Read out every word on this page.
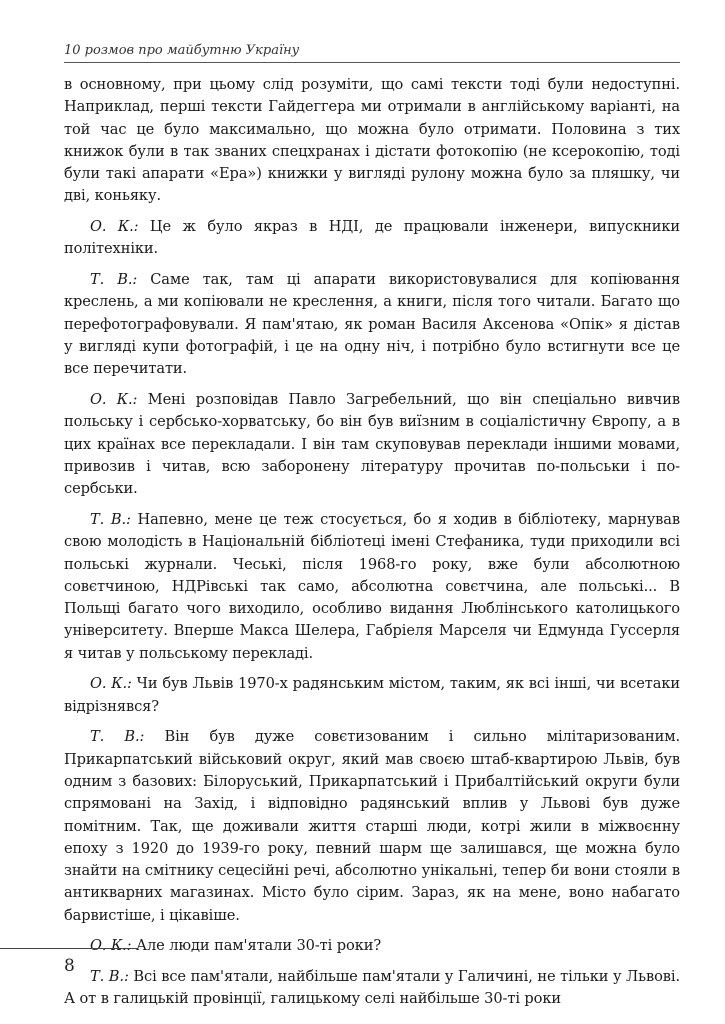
10 розмов про майбутню Україну

в основному, при цьому слід розуміти, що самі тексти тоді були недоступні. Наприклад, перші тексти Гайдеггера ми отримали в англійському варіанті, на той час це було максимально, що можна було отримати. Половина з тих книжок були в так званих спецхранах і дістати фотокопію (не ксерокопію, тоді були такі апарати «Ера») книжки у вигляді рулону можна було за пляшку, чи дві, коньяку.

О. К.: Це ж було якраз в НДІ, де працювали інженери, випускники політехніки.

Т. В.: Саме так, там ці апарати використовувалися для копіювання креслень, а ми копіювали не креслення, а книги, після того читали. Багато що перефотографовували. Я пам'ятаю, як роман Василя Аксенова «Опік» я дістав у вигляді купи фотографій, і це на одну ніч, і потрібно було встигнути все це все перечитати.

О. К.: Мені розповідав Павло Загребельний, що він спеціально вивчив польську і сербсько-хорватську, бо він був виїзним в соціалістичну Європу, а в цих країнах все перекладали. І він там скуповував переклади іншими мовами, привозив і читав, всю заборонену літературу прочитав по-польськи і по-сербськи.

Т. В.: Напевно, мене це теж стосується, бо я ходив в бібліотеку, марнував свою молодість в Національній бібліотеці імені Стефаника, туди приходили всі польські журнали. Чеські, після 1968-го року, вже були абсолютною совєтчиною, НДРівські так само, абсолютна совєтчина, але польські... В Польщі багато чого виходило, особливо видання Люблінського католицького університету. Вперше Макса Шелера, Габріеля Марселя чи Едмунда Гуссерля я читав у польському перекладі.

О. К.: Чи був Львів 1970-х радянським містом, таким, як всі інші, чи всетаки відрізнявся?

Т. В.: Він був дуже совєтизованим і сильно мілітаризованим. Прикарпатський військовий округ, який мав своєю штаб-квартирою Львів, був одним з базових: Білоруський, Прикарпатський і Прибалтійський округи були спрямовані на Захід, і відповідно радянський вплив у Львові був дуже помітним. Так, ще доживали життя старші люди, котрі жили в міжвоєнну епоху з 1920 до 1939-го року, певний шарм ще залишався, ще можна було знайти на смітнику сецесійні речі, абсолютно унікальні, тепер би вони стояли в антикварних магазинах. Місто було сірим. Зараз, як на мене, воно набагато барвистіше, і цікавіше.

О. К.: Але люди пам'ятали 30-ті роки?

Т. В.: Всі все пам'ятали, найбільше пам'ятали у Галичині, не тільки у Львові. А от в галицькій провінції, галицькому селі найбільше 30-ті роки

8
